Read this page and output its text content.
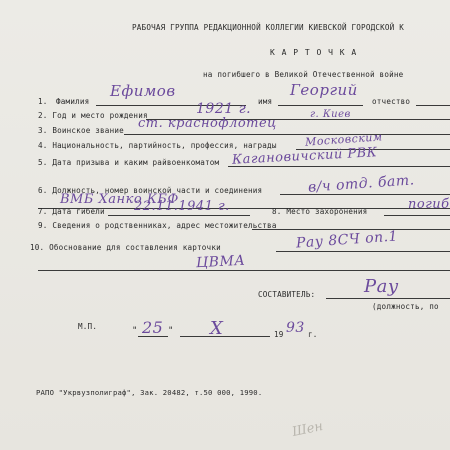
РАБОЧАЯ ГРУППА РЕДАКЦИОННОЙ КОЛЛЕГИИ КИЕВСКОЙ ГОРОДСКОЙ К
К А Р Т О Ч К А
на погибшего в Великой Отечественной войне
1. Фамилия
Ефимов
имя
Георгий
отчество
2. Год и место рождения	1921 г.	г. Киев
3. Воинское звание ст. краснофлотец
4. Национальность, партийность, профессия, награды	Московским
5. Дата призыва и каким райвоенкоматом Кагановичский РВК
6. Должность, номер воинской части и соединения	в/ч отд. бат.
ВМБ Ханко КБФ
7. Дата гибели 22.11.1941 г.	8. Место захоронения	погиб
9. Сведения о родственниках, адрес местожительства
10. Обоснование для составления карточки	Рау 8СЧ оп.1
ЦВМА
СОСТАВИТЕЛЬ:	Рау
(должность, по
М.П.	" 25 " X	19 93 г.
РАПО "Укрвузполиграф", Зак. 20482, т.50 000, 1990.
Шен
